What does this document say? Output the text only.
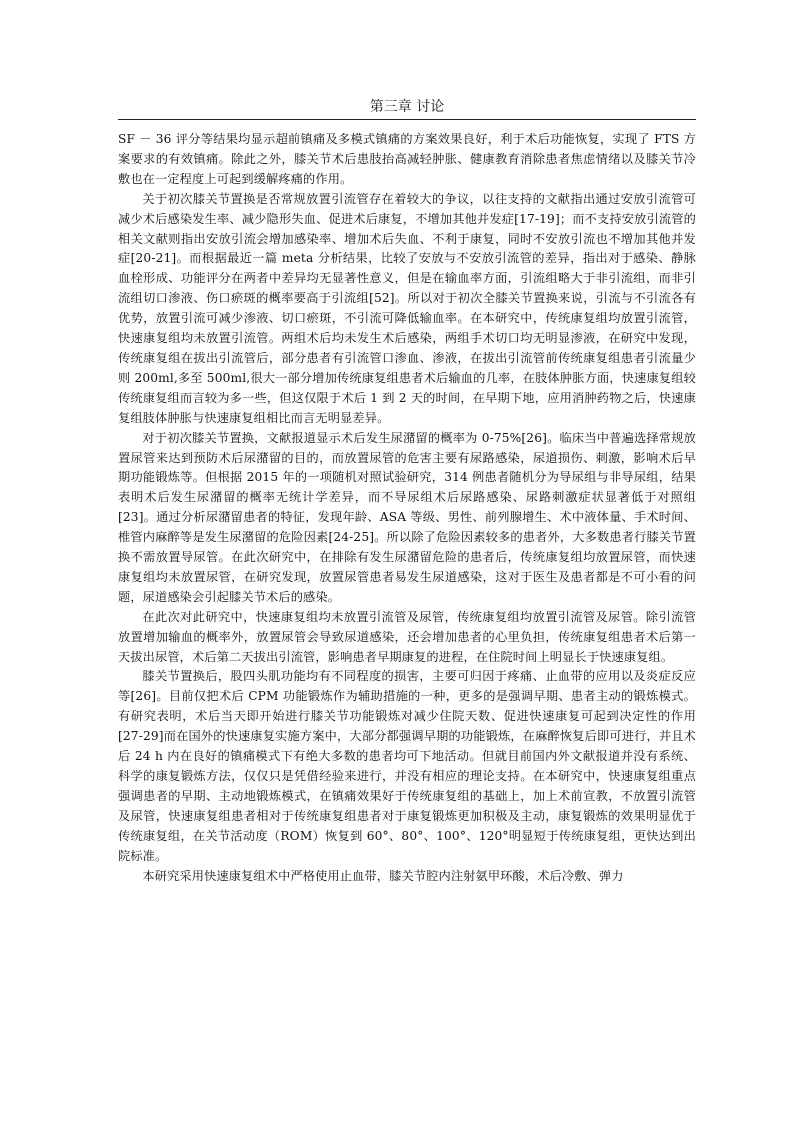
第三章 讨论

SF － 36 评分等结果均显示超前镇痛及多模式镇痛的方案效果良好，利于术后功能恢复，实现了 FTS 方案要求的有效镇痛。除此之外，膝关节术后患肢抬高减轻肿胀、健康教育消除患者焦虑情绪以及膝关节冷敷也在一定程度上可起到缓解疼痛的作用。

关于初次膝关节置换是否常规放置引流管存在着较大的争议，以往支持的文献指出通过安放引流管可减少术后感染发生率、减少隐形失血、促进术后康复，不增加其他并发症[17-19]；而不支持安放引流管的相关文献则指出安放引流会增加感染率、增加术后失血、不利于康复，同时不安放引流也不增加其他并发症[20-21]。而根据最近一篇 meta 分析结果，比较了安放与不安放引流管的差异，指出对于感染、静脉血栓形成、功能评分在两者中差异均无显著性意义，但是在输血率方面，引流组略大于非引流组，而非引流组切口渗液、伤口瘀斑的概率要高于引流组[52]。所以对于初次全膝关节置换来说，引流与不引流各有优势，放置引流可减少渗液、切口瘀斑，不引流可降低输血率。在本研究中，传统康复组均放置引流管，快速康复组均未放置引流管。两组术后均未发生术后感染，两组手术切口均无明显渗液，在研究中发现，传统康复组在拔出引流管后，部分患者有引流管口渗血、渗液，在拔出引流管前传统康复组患者引流量少则 200ml,多至 500ml,很大一部分增加传统康复组患者术后输血的几率，在肢体肿胀方面，快速康复组较传统康复组而言较为多一些，但这仅限于术后 1 到 2 天的时间，在早期下地，应用消肿药物之后，快速康复组肢体肿胀与快速康复组相比而言无明显差异。

对于初次膝关节置换，文献报道显示术后发生尿潴留的概率为 0-75%[26]。临床当中普遍选择常规放置尿管来达到预防术后尿潴留的目的，而放置尿管的危害主要有尿路感染，尿道损伤、刺激，影响术后早期功能锻炼等。但根据 2015 年的一项随机对照试验研究，314 例患者随机分为导尿组与非导尿组，结果表明术后发生尿潴留的概率无统计学差异，而不导尿组术后尿路感染、尿路刺激症状显著低于对照组[23]。通过分析尿潴留患者的特征，发现年龄、ASA 等级、男性、前列腺增生、术中液体量、手术时间、椎管内麻醉等是发生尿潴留的危险因素[24-25]。所以除了危险因素较多的患者外，大多数患者行膝关节置换不需放置导尿管。在此次研究中，在排除有发生尿潴留危险的患者后，传统康复组均放置尿管，而快速康复组均未放置尿管，在研究发现，放置尿管患者易发生尿道感染，这对于医生及患者都是不可小看的问题，尿道感染会引起膝关节术后的感染。

在此次对此研究中，快速康复组均未放置引流管及尿管，传统康复组均放置引流管及尿管。除引流管放置增加输血的概率外，放置尿管会导致尿道感染，还会增加患者的心里负担，传统康复组患者术后第一天拔出尿管，术后第二天拔出引流管，影响患者早期康复的进程，在住院时间上明显长于快速康复组。

膝关节置换后，股四头肌功能均有不同程度的损害，主要可归因于疼痛、止血带的应用以及炎症反应等[26]。目前仅把术后 CPM 功能锻炼作为辅助措施的一种，更多的是强调早期、患者主动的锻炼模式。有研究表明，术后当天即开始进行膝关节功能锻炼对减少住院天数、促进快速康复可起到决定性的作用[27-29]而在国外的快速康复实施方案中，大部分都强调早期的功能锻炼，在麻醉恢复后即可进行，并且术后 24 h 内在良好的镇痛模式下有绝大多数的患者均可下地活动。但就目前国内外文献报道并没有系统、科学的康复锻炼方法，仅仅只是凭借经验来进行，并没有相应的理论支持。在本研究中，快速康复组重点强调患者的早期、主动地锻炼模式，在镇痛效果好于传统康复组的基础上，加上术前宣教，不放置引流管及尿管，快速康复组患者相对于传统康复组患者对于康复锻炼更加积极及主动，康复锻炼的效果明显优于传统康复组，在关节活动度（ROM）恢复到 60°、80°、100°、120°明显短于传统康复组，更快达到出院标准。

本研究采用快速康复组术中严格使用止血带，膝关节腔内注射氨甲环酸，术后冷敷、弹力
